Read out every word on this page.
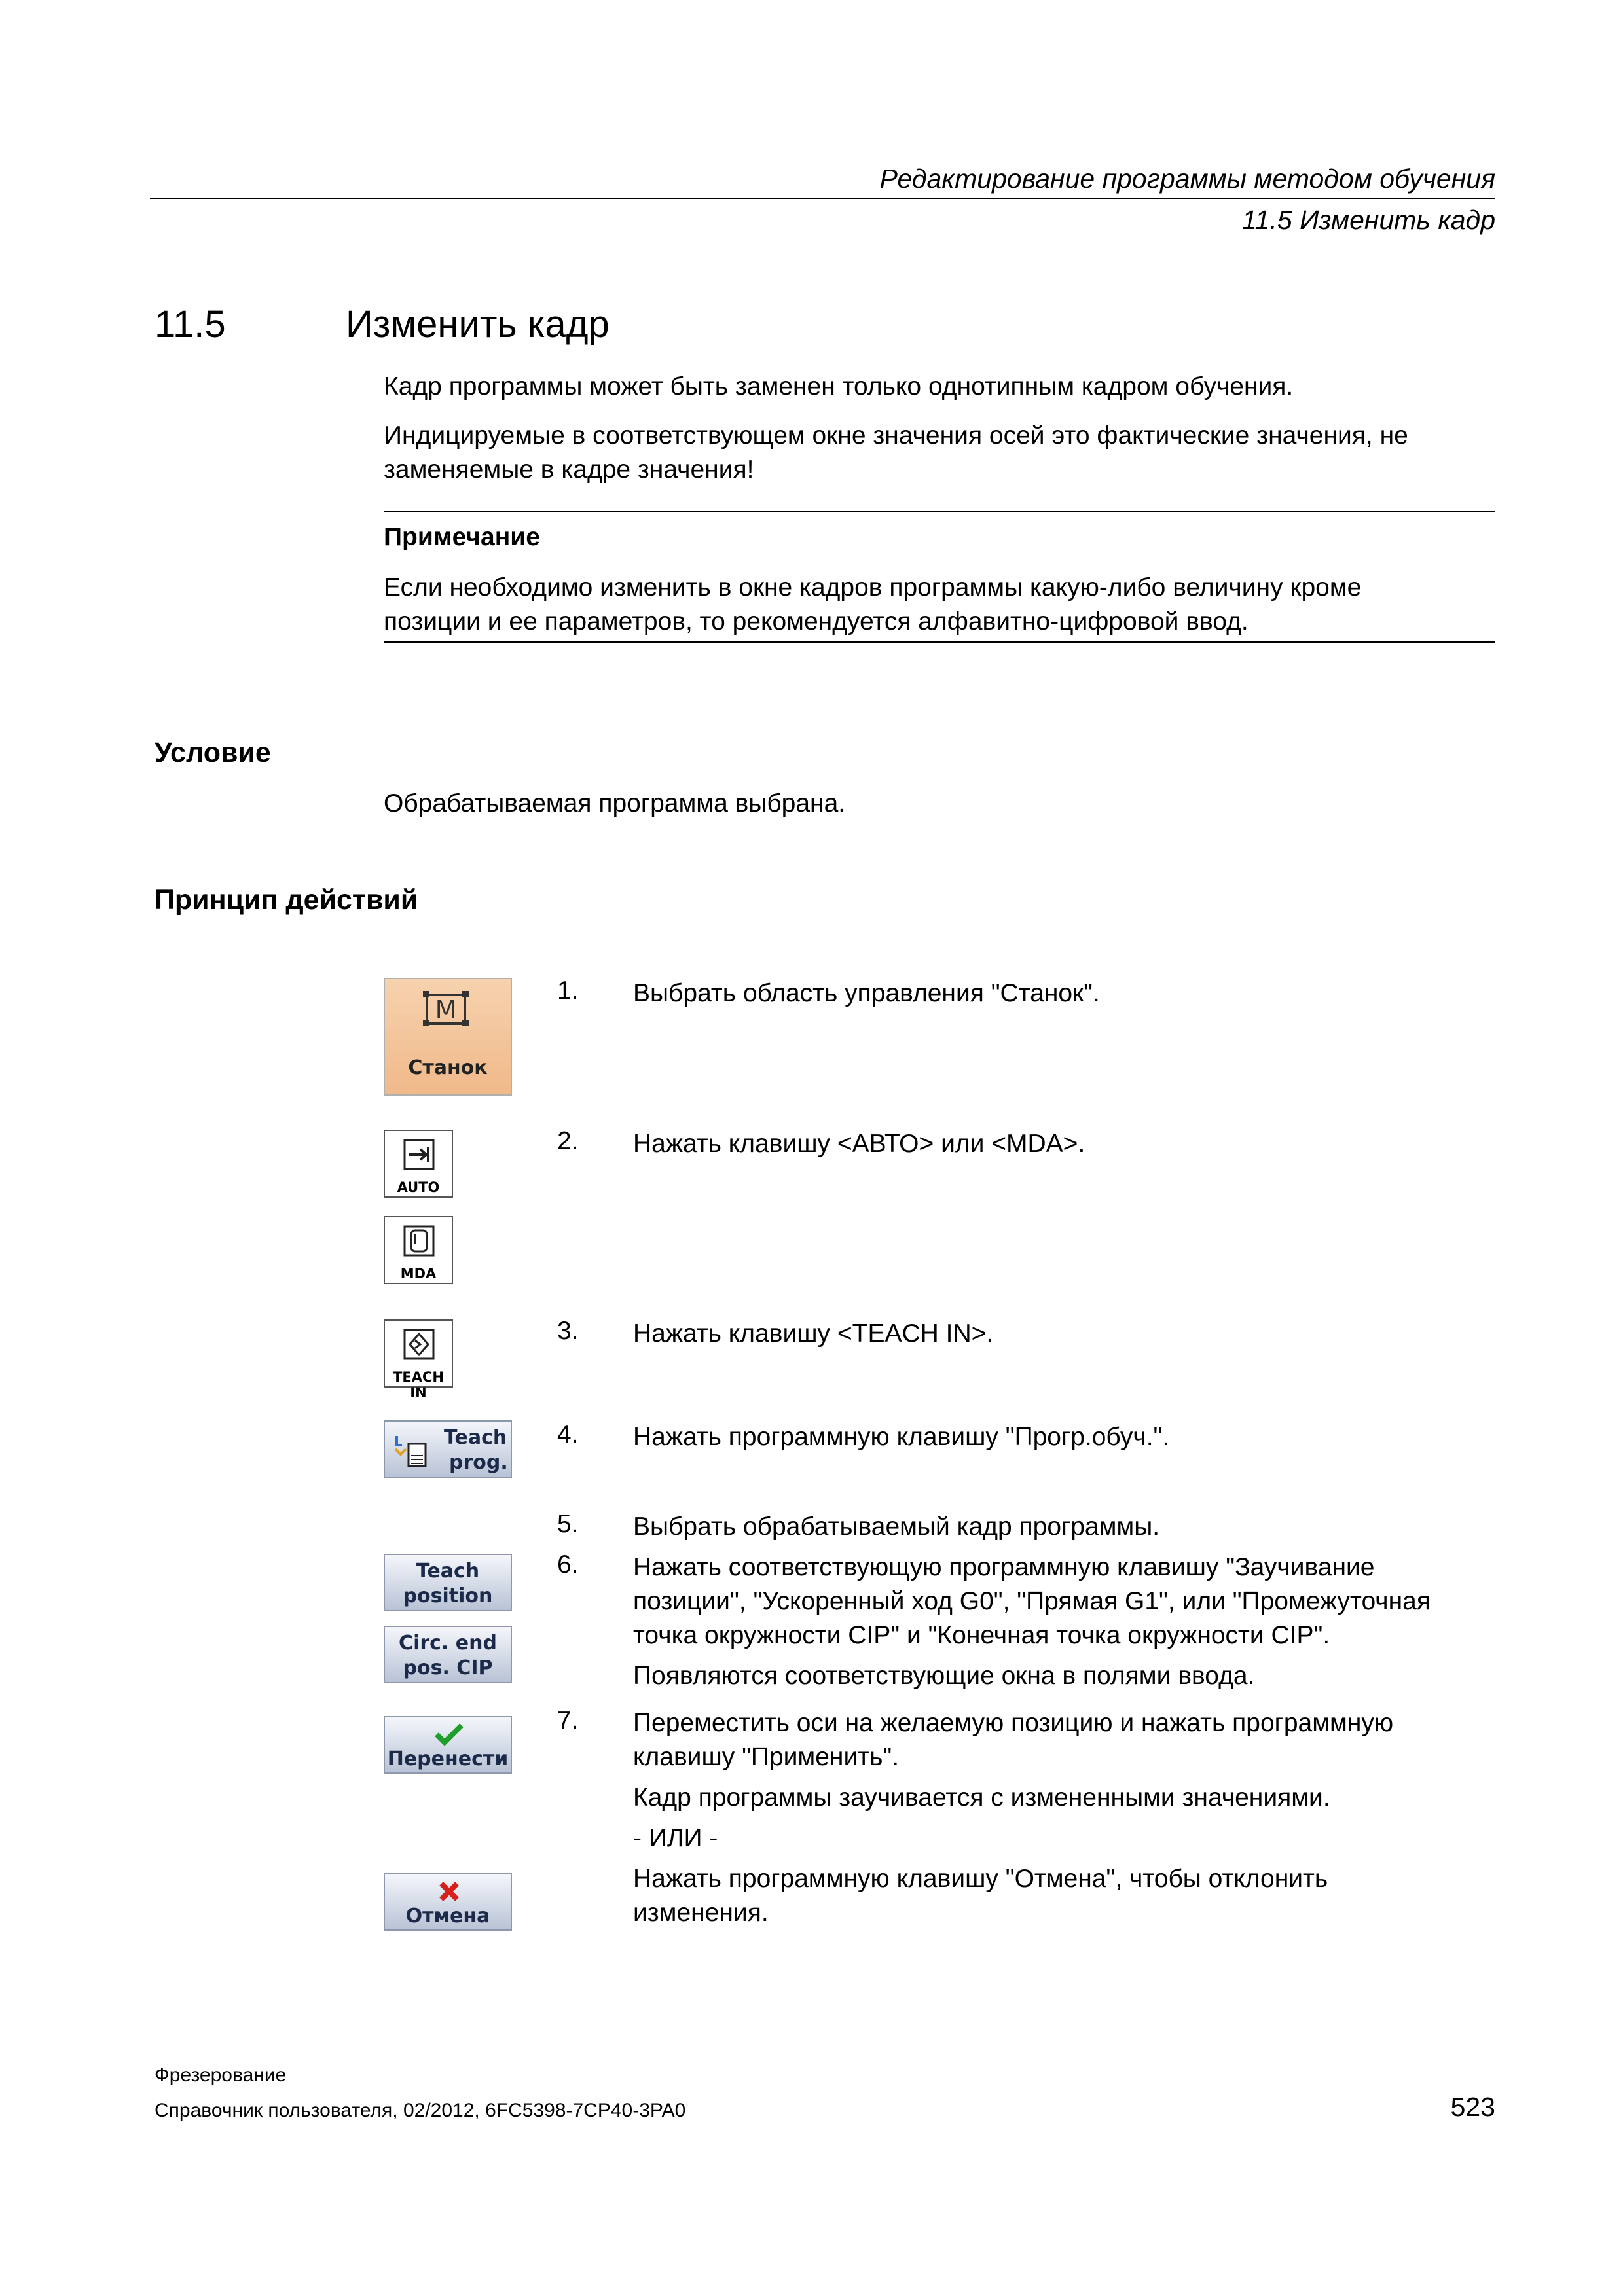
Редактирование программы методом обучения
11.5 Изменить кадр
11.5	Изменить кадр
Кадр программы может быть заменен только однотипным кадром обучения.
Индицируемые в соответствующем окне значения осей это фактические значения, не
заменяемые в кадре значения!
Примечание
Если необходимо изменить в окне кадров программы какую-либо величину кроме
позиции и ее параметров, то рекомендуется алфавитно-цифровой ввод.
Условие
Обрабатываемая программа выбрана.
Принцип действий
M
Станок
1. Выбрать область управления "Станок".
AUTO
2. Нажать клавишу <АВТО> или <MDA>.
MDA
TEACH IN
3. Нажать клавишу <TEACH IN>.
Teach
prog.
4. Нажать программную клавишу "Прогр.обуч.".
5. Выбрать обрабатываемый кадр программы.
Teach
position
Circ. end
pos. CIP
6. Нажать соответствующую программную клавишу "Заучивание
позиции", "Ускоренный ход G0", "Прямая G1", или "Промежуточная
точка окружности CIP" и "Конечная точка окружности CIP".
Появляются соответствующие окна в полями ввода.
Перенести
7. Переместить оси на желаемую позицию и нажать программную
клавишу "Применить".
Кадр программы заучивается с измененными значениями.
- ИЛИ -
Нажать программную клавишу "Отмена", чтобы отклонить
изменения.
Отмена
Фрезерование
Справочник пользователя, 02/2012, 6FC5398-7CP40-3PA0	523
